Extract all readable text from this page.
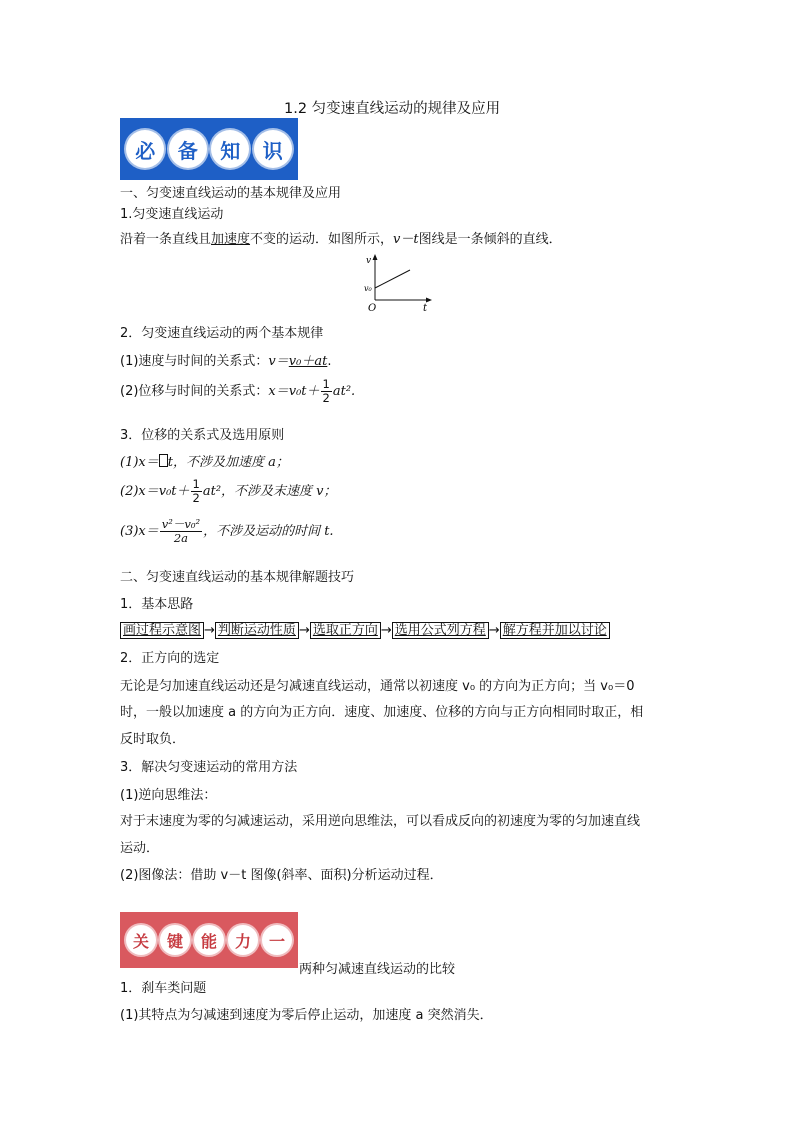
1.2 匀变速直线运动的规律及应用
必	备	知	识
一、匀变速直线运动的基本规律及应用
1.匀变速直线运动
沿着一条直线且加速度不变的运动．如图所示，v－t图线是一条倾斜的直线．
v
v₀
O	t
2．匀变速直线运动的两个基本规律
(1)速度与时间的关系式：v＝v₀＋at.
(2)位移与时间的关系式：$x=v_0t+ \frac{1}{2} at^2$.
3．位移的关系式及选用原则
(1)x＝ t，不涉及加速度 a；
$(2)x=v_0t+ \frac{1}{2} at^2$，不涉及末速度 v；
$(3)x= \frac{\text{v²－v₀²}}{2a}$ ，不涉及运动的时间 t.
二、匀变速直线运动的基本规律解题技巧
1．基本思路
画过程示意图 → 判断运动性质 → 选取正方向 → 选用公式列方程 → 解方程并加以讨论
2．正方向的选定
无论是匀加速直线运动还是匀减速直线运动，通常以初速度 v₀ 的方向为正方向；当 v₀＝0
时，一般以加速度 a 的方向为正方向．速度、加速度、位移的方向与正方向相同时取正，相
反时取负．
3．解决匀变速运动的常用方法
(1)逆向思维法：
对于末速度为零的匀减速运动，采用逆向思维法，可以看成反向的初速度为零的匀加速直线
运动．
(2)图像法：借助 v－t 图像(斜率、面积)分析运动过程．
关	键	能	力	一
两种匀减速直线运动的比较
1．刹车类问题
(1)其特点为匀减速到速度为零后停止运动，加速度 a 突然消失．
